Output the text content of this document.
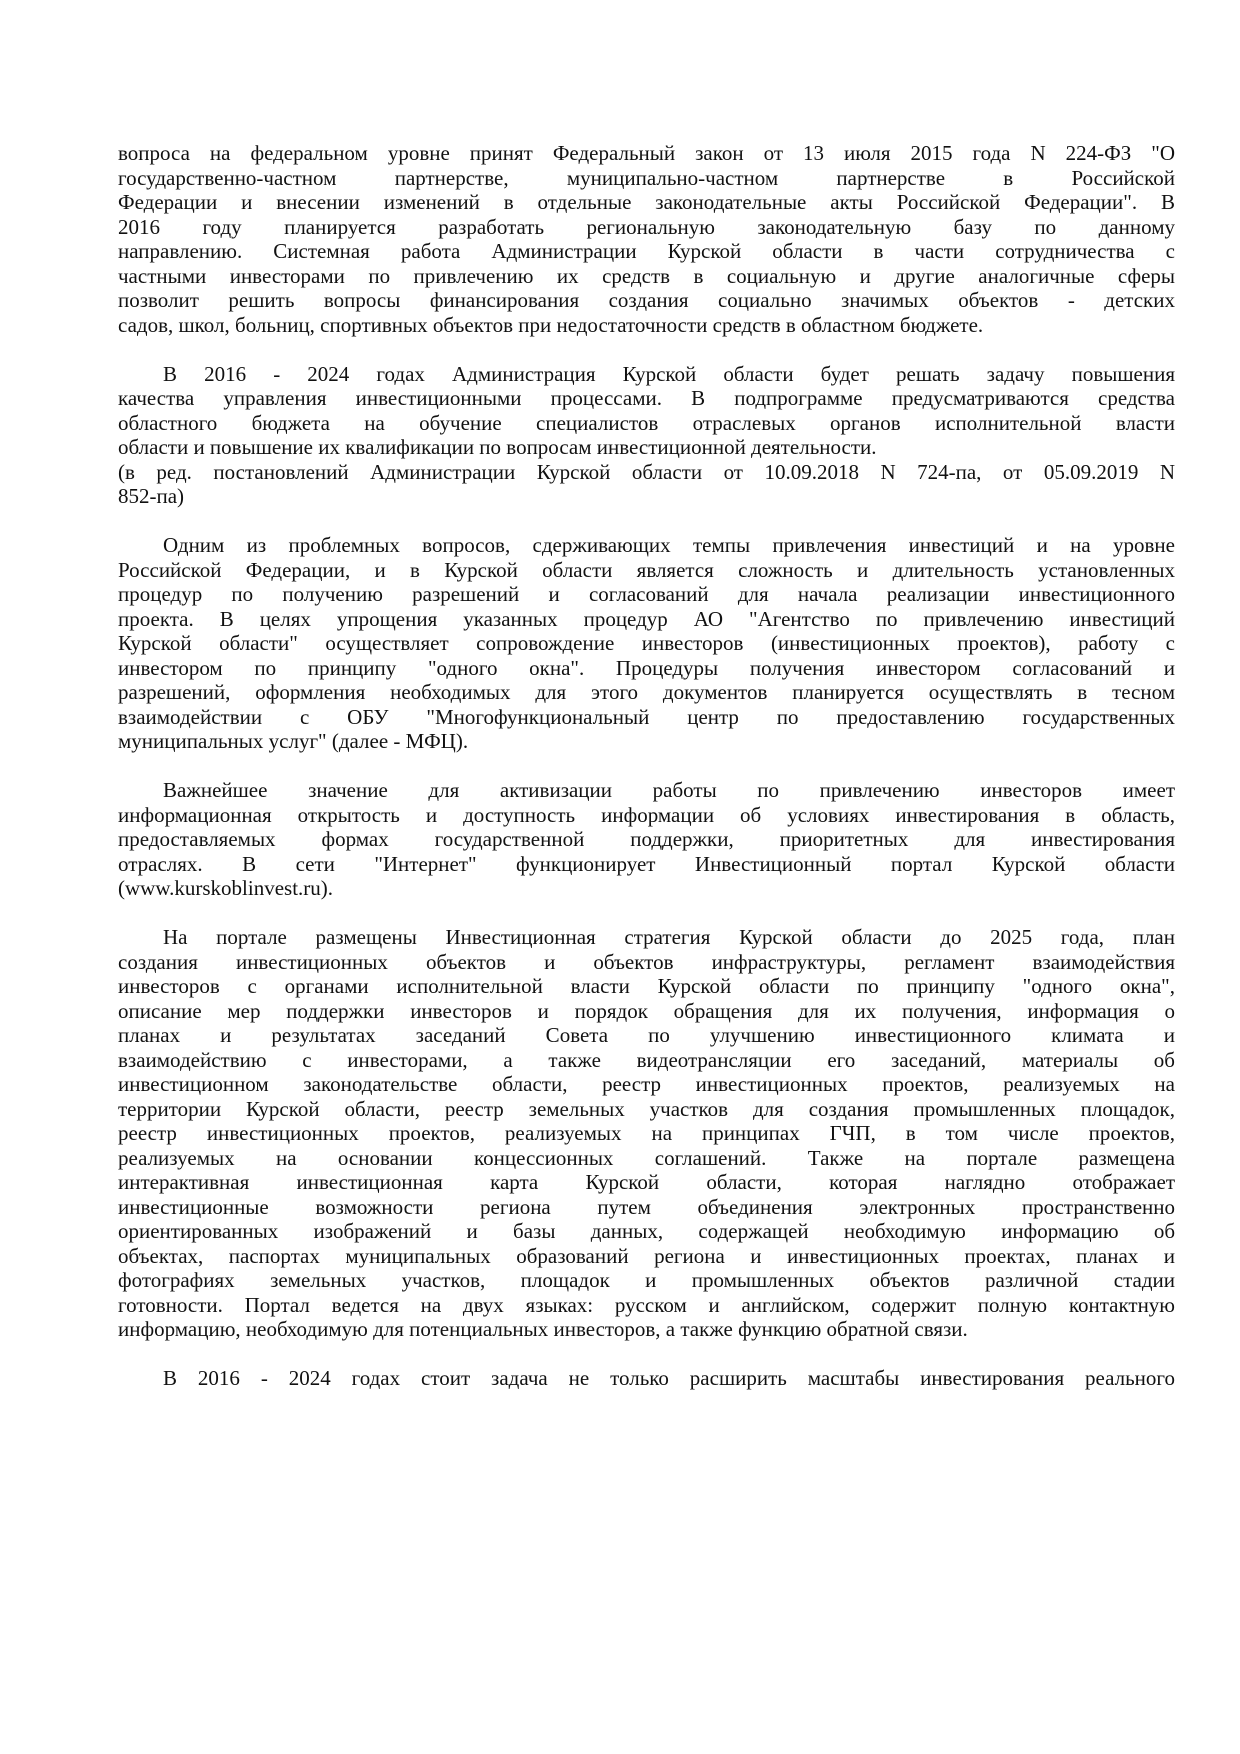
вопроса на федеральном уровне принят Федеральный закон от 13 июля 2015 года N 224-ФЗ "О
государственно-частном партнерстве, муниципально-частном партнерстве в Российской
Федерации и внесении изменений в отдельные законодательные акты Российской Федерации". В
2016 году планируется разработать региональную законодательную базу по данному
направлению. Системная работа Администрации Курской области в части сотрудничества с
частными инвесторами по привлечению их средств в социальную и другие аналогичные сферы
позволит решить вопросы финансирования создания социально значимых объектов - детских
садов, школ, больниц, спортивных объектов при недостаточности средств в областном бюджете.
В 2016 - 2024 годах Администрация Курской области будет решать задачу повышения
качества управления инвестиционными процессами. В подпрограмме предусматриваются средства
областного бюджета на обучение специалистов отраслевых органов исполнительной власти
области и повышение их квалификации по вопросам инвестиционной деятельности.
(в ред. постановлений Администрации Курской области от 10.09.2018 N 724-па, от 05.09.2019 N
852-па)
Одним из проблемных вопросов, сдерживающих темпы привлечения инвестиций и на уровне
Российской Федерации, и в Курской области является сложность и длительность установленных
процедур по получению разрешений и согласований для начала реализации инвестиционного
проекта. В целях упрощения указанных процедур АО "Агентство по привлечению инвестиций
Курской области" осуществляет сопровождение инвесторов (инвестиционных проектов), работу с
инвестором по принципу "одного окна". Процедуры получения инвестором согласований и
разрешений, оформления необходимых для этого документов планируется осуществлять в тесном
взаимодействии с ОБУ "Многофункциональный центр по предоставлению государственных
муниципальных услуг" (далее - МФЦ).
Важнейшее значение для активизации работы по привлечению инвесторов имеет
информационная открытость и доступность информации об условиях инвестирования в область,
предоставляемых формах государственной поддержки, приоритетных для инвестирования
отраслях. В сети "Интернет" функционирует Инвестиционный портал Курской области
(www.kurskoblinvest.ru).
На портале размещены Инвестиционная стратегия Курской области до 2025 года, план
создания инвестиционных объектов и объектов инфраструктуры, регламент взаимодействия
инвесторов с органами исполнительной власти Курской области по принципу "одного окна",
описание мер поддержки инвесторов и порядок обращения для их получения, информация о
планах и результатах заседаний Совета по улучшению инвестиционного климата и
взаимодействию с инвесторами, а также видеотрансляции его заседаний, материалы об
инвестиционном законодательстве области, реестр инвестиционных проектов, реализуемых на
территории Курской области, реестр земельных участков для создания промышленных площадок,
реестр инвестиционных проектов, реализуемых на принципах ГЧП, в том числе проектов,
реализуемых на основании концессионных соглашений. Также на портале размещена
интерактивная инвестиционная карта Курской области, которая наглядно отображает
инвестиционные возможности региона путем объединения электронных пространственно
ориентированных изображений и базы данных, содержащей необходимую информацию об
объектах, паспортах муниципальных образований региона и инвестиционных проектах, планах и
фотографиях земельных участков, площадок и промышленных объектов различной стадии
готовности. Портал ведется на двух языках: русском и английском, содержит полную контактную
информацию, необходимую для потенциальных инвесторов, а также функцию обратной связи.
В 2016 - 2024 годах стоит задача не только расширить масштабы инвестирования реального
